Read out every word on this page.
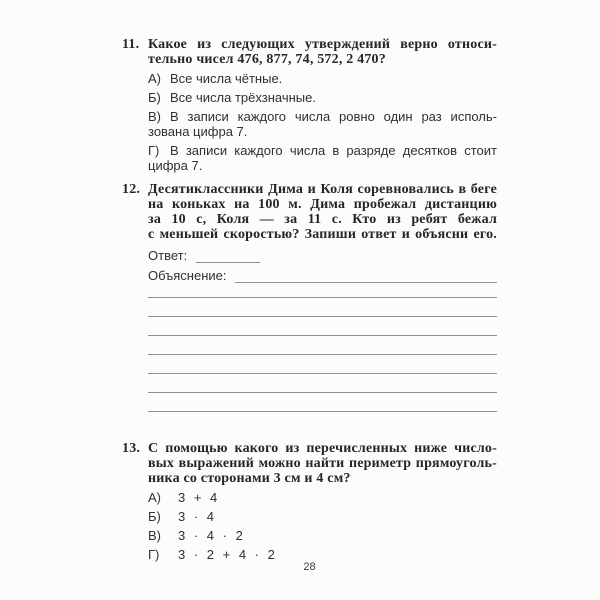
11. Какое из следующих утверждений верно относи-
тельно чисел 476, 877, 74, 572, 2 470?
А) Все числа чётные.
Б) Все числа трёхзначные.
В) В записи каждого числа ровно один раз исполь-
зована цифра 7.
Г) В записи каждого числа в разряде десятков стоит
цифра 7.
12. Десятиклассники Дима и Коля соревновались в беге
на коньках на 100 м. Дима пробежал дистанцию
за 10 с, Коля — за 11 с. Кто из ребят бежал
с меньшей скоростью? Запиши ответ и объясни его.
Ответ:
Объяснение:
13. С помощью какого из перечисленных ниже число-
вых выражений можно найти периметр прямоуголь-
ника со сторонами 3 см и 4 см?
А) 3 + 4
Б) 3 · 4
В) 3 · 4 · 2
Г) 3 · 2 + 4 · 2
28
